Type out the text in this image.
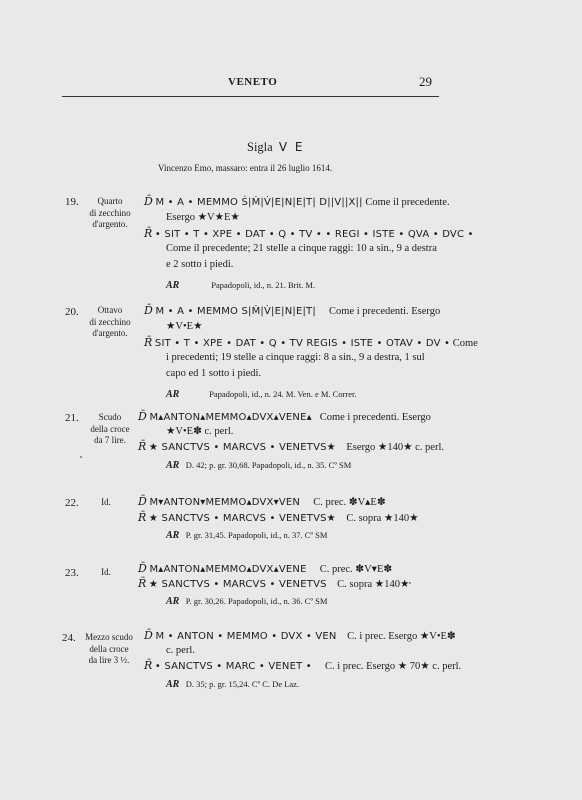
VENETO	29
Sigla V E
Vincenzo Emo, massaro: entra il 26 luglio 1614.
19.	Quarto
di zecchino
d'argento.
D̄ M • A • MEMMO Ś|Ṁ|V̇|E|N|E|T| D||V||X|| Come il precedente.
Esergo ★V★E★
R̄ • SIT • T • XPE • DAT • Q • TV • • REGI • ISTE • QVA • DVC •
Come il precedente; 21 stelle a cinque raggi: 10 a sin., 9 a destra
e 2 sotto i piedi.
AR	Papadopoli, id., n. 21. Brit. M.
20.	Ottavo
di zecchino
d'argento.
D̄ M • A • MEMMO S|Ṁ|V̇|E|N|E|T| Come i precedenti. Esergo
★V•E★
R̄ SIT • T • XPE • DAT • Q • TV REGIS • ISTE • OTAV • DV • Come
i precedenti; 19 stelle a cinque raggi: 8 a sin., 9 a destra, 1 sul
capo ed 1 sotto i piedi.
AR	Papadopoli, id., n. 24. M. Ven. e M. Correr.
21.	Scudo
della croce
da 7 lire.
D̄ M▴ANTON▴MEMMO▴DVX▴VENE▴ Come i precedenti. Esergo
★V•E✽ c. perl.
R̄ ★ SANCTVS • MARCVS • VENETVS★ Esergo ★140★ c. perl.
AR D. 42; p. gr. 30,68. Papadopoli, id., n. 35. Cº SM
22.	Id.	D̄ M▾ANTON▾MEMMO▴DVX▾VEN C. prec. ✽V▴E✽
R̄ ★ SANCTVS • MARCVS • VENETVS★ C. sopra ★140★
AR P. gr. 31,45. Papadopoli, id., n. 37. Cº SM
23.	Id.	D̄ M▴ANTON▴MEMMO▴DVX▴VENE C. prec. ✽V▾E✽
R̄ ★ SANCTVS • MARCVS • VENETVS C. sopra ★140★
AR P. gr. 30,26. Papadopoli, id., n. 36. Cº SM
24.	Mezzo scudo
della croce
da lire 3 ½.
D̄ M • ANTON • MEMMO • DVX • VEN C. i prec. Esergo ★V•E✽
c. perl.
R̄ • SANCTVS • MARC • VENET • C. i prec. Esergo ★ 70★ c. perl.
AR D. 35; p. gr. 15,24. Cº C. De Laz.
